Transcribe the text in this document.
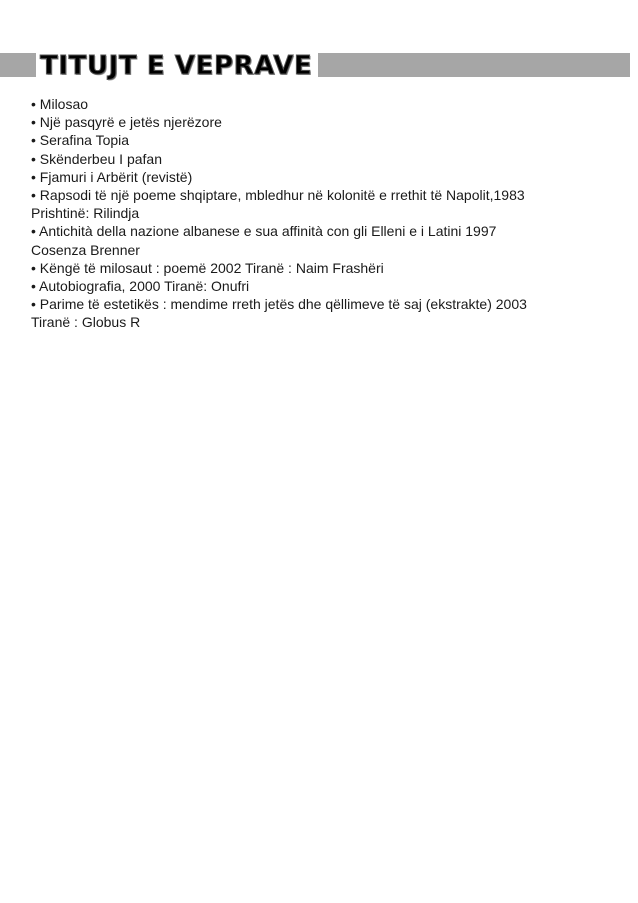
TITUJT E VEPRAVE
• Milosao
• Një pasqyrë e jetës njerëzore
• Serafina Topia
• Skënderbeu I pafan
• Fjamuri i Arbërit (revistë)
• Rapsodi të një poeme shqiptare, mbledhur në kolonitë e rrethit të Napolit,1983
Prishtinë: Rilindja
• Antichità della nazione albanese e sua affinità con gli Elleni e i Latini 1997
Cosenza Brenner
• Këngë të milosaut : poemë 2002 Tiranë : Naim Frashëri
• Autobiografia, 2000 Tiranë: Onufri
• Parime të estetikës : mendime rreth jetës dhe qëllimeve të saj (ekstrakte) 2003
Tiranë : Globus R
